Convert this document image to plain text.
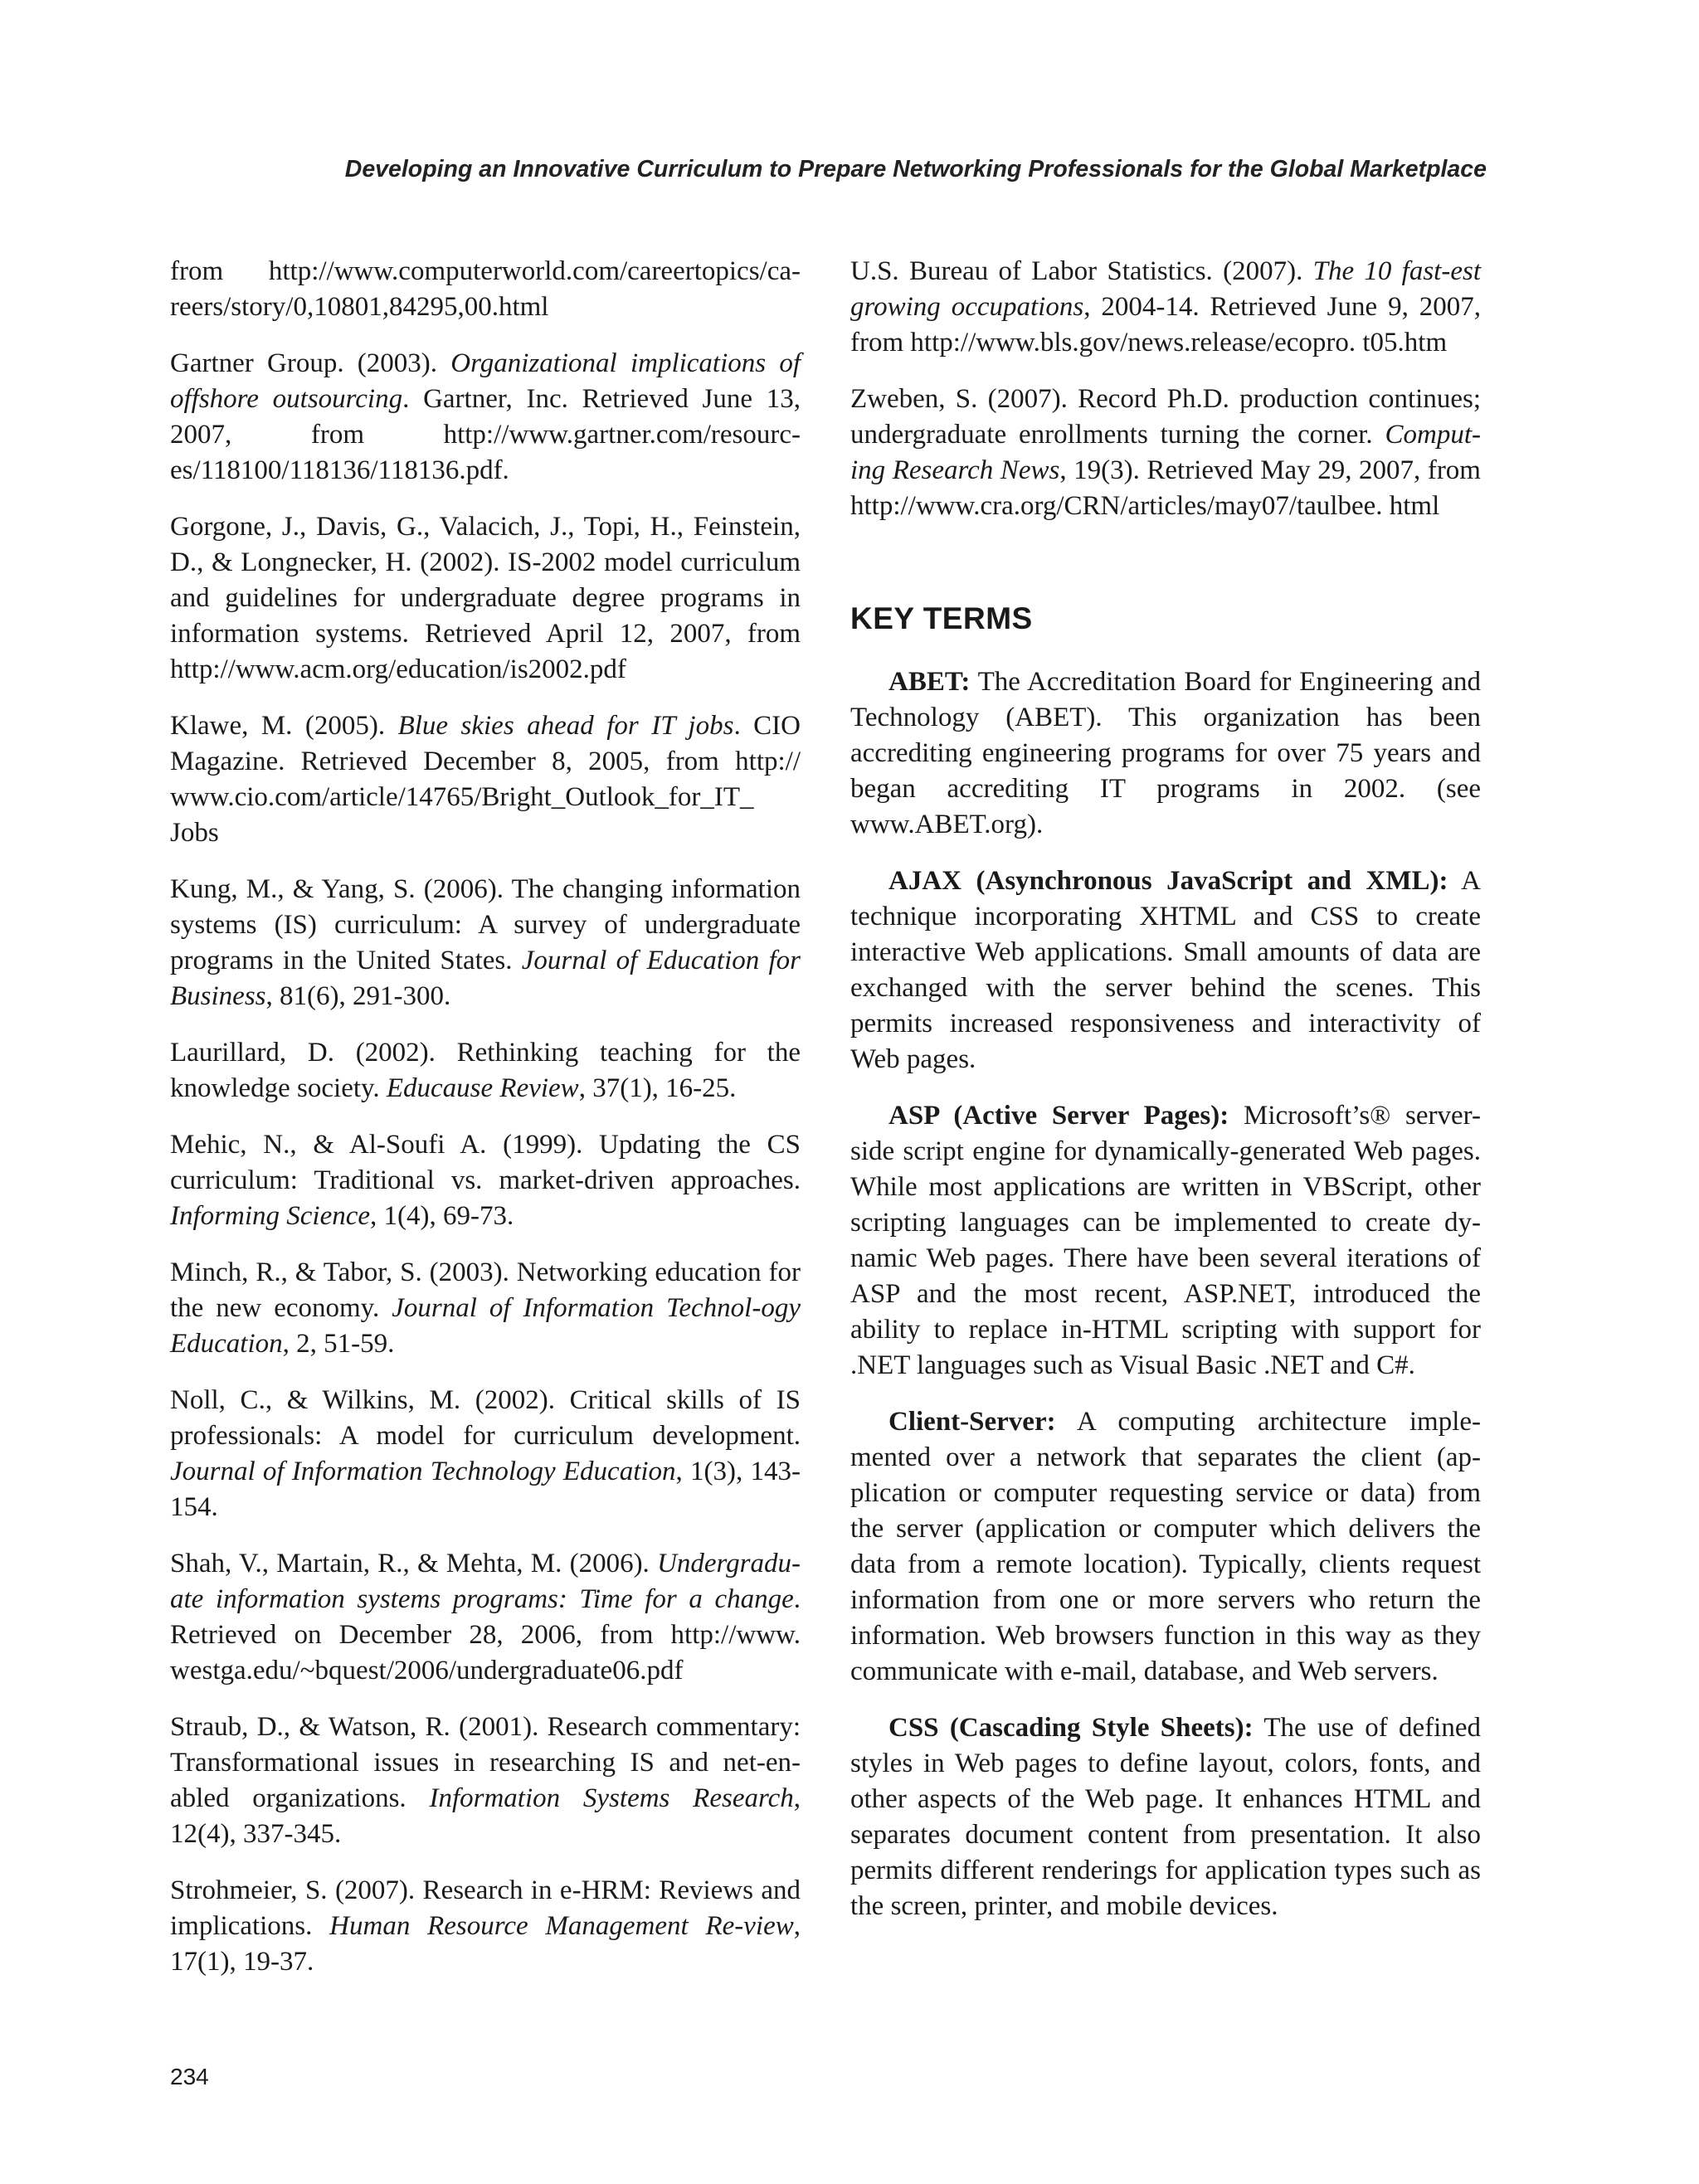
Developing an Innovative Curriculum to Prepare Networking Professionals for the Global Marketplace

from http://www.computerworld.com/careertopics/ca-reers/story/0,10801,84295,00.html

Gartner Group. (2003). Organizational implications of offshore outsourcing. Gartner, Inc. Retrieved June 13, 2007, from http://www.gartner.com/resourc-es/118100/118136/118136.pdf.

Gorgone, J., Davis, G., Valacich, J., Topi, H., Feinstein, D., & Longnecker, H. (2002). IS-2002 model curriculum and guidelines for undergraduate degree programs in information systems. Retrieved April 12, 2007, from http://www.acm.org/education/is2002.pdf

Klawe, M. (2005). Blue skies ahead for IT jobs. CIO Magazine. Retrieved December 8, 2005, from http:// www.cio.com/article/14765/Bright_Outlook_for_IT_ Jobs

Kung, M., & Yang, S. (2006). The changing information systems (IS) curriculum: A survey of undergraduate programs in the United States. Journal of Education for Business, 81(6), 291-300.

Laurillard, D. (2002). Rethinking teaching for the knowledge society. Educause Review, 37(1), 16-25.

Mehic, N., & Al-Soufi A. (1999). Updating the CS curriculum: Traditional vs. market-driven approaches. Informing Science, 1(4), 69-73.

Minch, R., & Tabor, S. (2003). Networking education for the new economy. Journal of Information Technol-ogy Education, 2, 51-59.

Noll, C., & Wilkins, M. (2002). Critical skills of IS professionals: A model for curriculum development. Journal of Information Technology Education, 1(3), 143-154.

Shah, V., Martain, R., & Mehta, M. (2006). Undergradu-ate information systems programs: Time for a change. Retrieved on December 28, 2006, from http://www. westga.edu/~bquest/2006/undergraduate06.pdf

Straub, D., & Watson, R. (2001). Research commentary: Transformational issues in researching IS and net-en-abled organizations. Information Systems Research, 12(4), 337-345.

Strohmeier, S. (2007). Research in e-HRM: Reviews and implications. Human Resource Management Re-view, 17(1), 19-37.

U.S. Bureau of Labor Statistics. (2007). The 10 fast-est growing occupations, 2004-14. Retrieved June 9, 2007, from http://www.bls.gov/news.release/ecopro. t05.htm

Zweben, S. (2007). Record Ph.D. production continues; undergraduate enrollments turning the corner. Comput-ing Research News, 19(3). Retrieved May 29, 2007, from http://www.cra.org/CRN/articles/may07/taulbee. html

KEY TERMS

ABET: The Accreditation Board for Engineering and Technology (ABET). This organization has been accrediting engineering programs for over 75 years and began accrediting IT programs in 2002. (see www.ABET.org).

AJAX (Asynchronous JavaScript and XML): A technique incorporating XHTML and CSS to create interactive Web applications. Small amounts of data are exchanged with the server behind the scenes. This permits increased responsiveness and interactivity of Web pages.

ASP (Active Server Pages): Microsoft’s® server-side script engine for dynamically-generated Web pages. While most applications are written in VBScript, other scripting languages can be implemented to create dy-namic Web pages. There have been several iterations of ASP and the most recent, ASP.NET, introduced the ability to replace in-HTML scripting with support for .NET languages such as Visual Basic .NET and C#.

Client-Server: A computing architecture imple-mented over a network that separates the client (ap-plication or computer requesting service or data) from the server (application or computer which delivers the data from a remote location). Typically, clients request information from one or more servers who return the information. Web browsers function in this way as they communicate with e-mail, database, and Web servers.

CSS (Cascading Style Sheets): The use of defined styles in Web pages to define layout, colors, fonts, and other aspects of the Web page. It enhances HTML and separates document content from presentation. It also permits different renderings for application types such as the screen, printer, and mobile devices.

234
